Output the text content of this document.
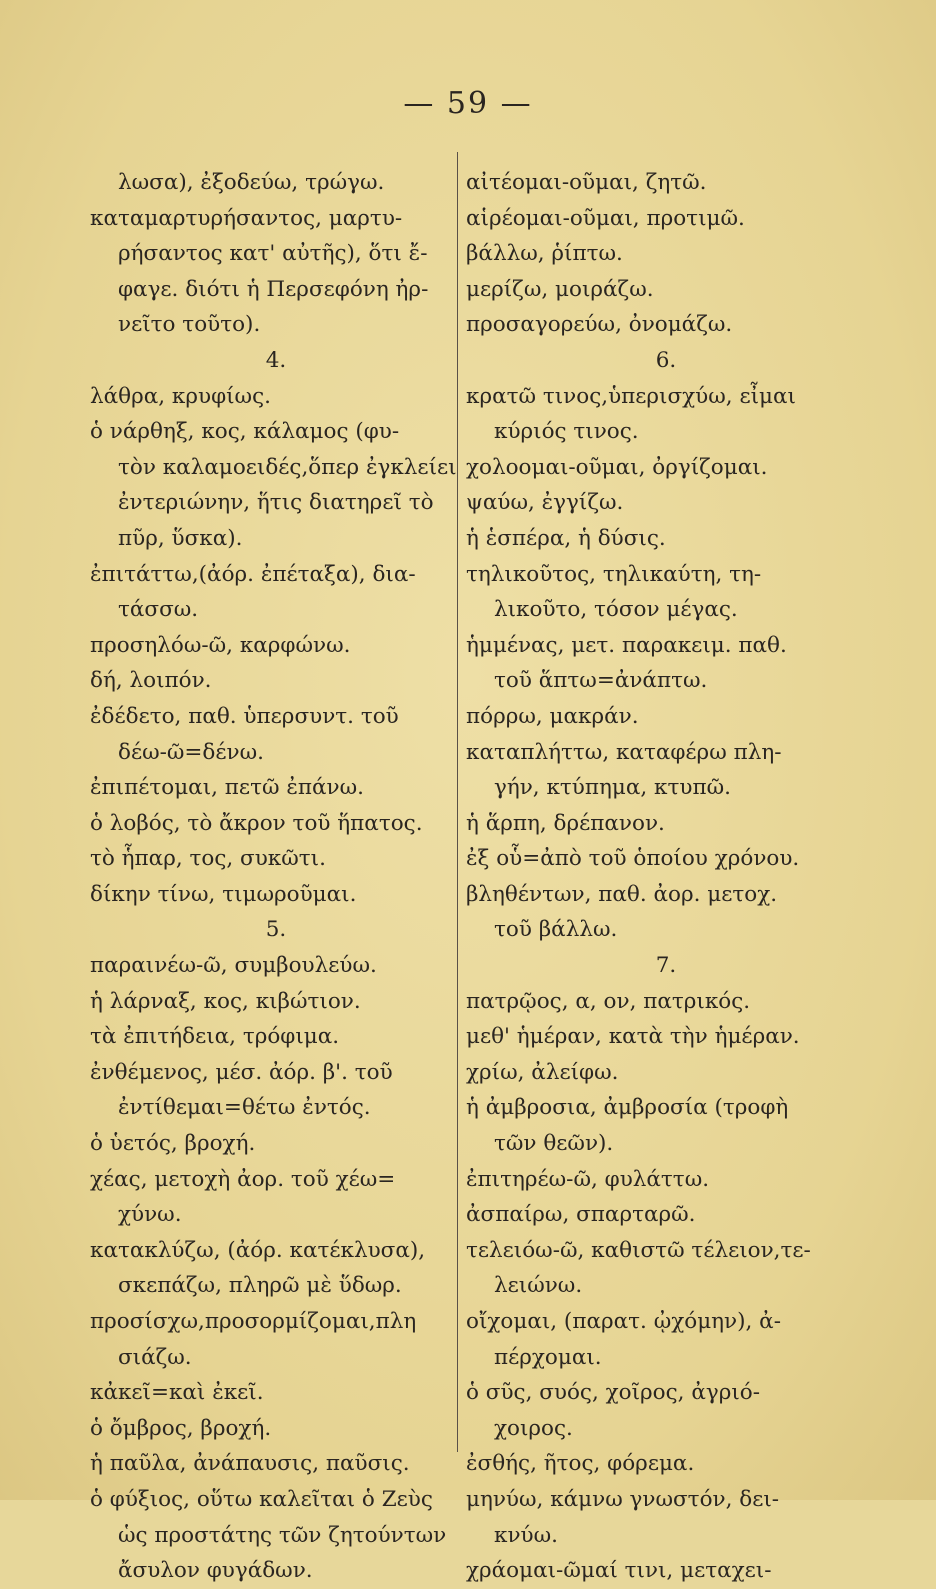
— 59 —
λωσα), ἐξοδεύω, τρώγω.
καταμαρτυρήσαντος, μαρτυ-
ρήσαντος κατ' αὐτῆς), ὅτι ἔ-
φαγε. διότι ἡ Περσεφόνη ἠρ-
νεῖτο τοῦτο).
4.
λάθρα, κρυφίως.
ὁ νάρθηξ, κος, κάλαμος (φυ-
τὸν καλαμοειδές,ὅπερ ἐγκλείει
ἐντεριώνην, ἥτις διατηρεῖ τὸ
πῦρ, ὕσκα).
ἐπιτάττω,(ἀόρ. ἐπέταξα), δια-
τάσσω.
προσηλόω-ῶ, καρφώνω.
δή, λοιπόν.
ἐδέδετο, παθ. ὑπερσυντ. τοῦ
δέω-ῶ=δένω.
ἐπιπέτομαι, πετῶ ἐπάνω.
ὁ λοβός, τὸ ἄκρον τοῦ ἥπατος.
τὸ ἧπαρ, τος, συκῶτι.
δίκην τίνω, τιμωροῦμαι.
5.
παραινέω-ῶ, συμβουλεύω.
ἡ λάρναξ, κος, κιβώτιον.
τὰ ἐπιτήδεια, τρόφιμα.
ἐνθέμενος, μέσ. ἀόρ. β'. τοῦ
ἐντίθεμαι=θέτω ἐντός.
ὁ ὑετός, βροχή.
χέας, μετοχὴ ἀορ. τοῦ χέω=
χύνω.
κατακλύζω, (ἀόρ. κατέκλυσα),
σκεπάζω, πληρῶ μὲ ὕδωρ.
προσίσχω,προσορμίζομαι,πλη
σιάζω.
κἀκεῖ=καὶ ἐκεῖ.
ὁ ὄμβρος, βροχή.
ἡ παῦλα, ἀνάπαυσις, παῦσις.
ὁ φύξιος, οὕτω καλεῖται ὁ Ζεὺς
ὡς προστάτης τῶν ζητούντων
ἄσυλον φυγάδων.
αἰτέομαι-οῦμαι, ζητῶ.
αἱρέομαι-οῦμαι, προτιμῶ.
βάλλω, ῥίπτω.
μερίζω, μοιράζω.
προσαγορεύω, ὀνομάζω.
6.
κρατῶ τινος,ὑπερισχύω, εἶμαι
κύριός τινος.
χολοομαι-οῦμαι, ὀργίζομαι.
ψαύω, ἐγγίζω.
ἡ ἑσπέρα, ἡ δύσις.
τηλικοῦτος, τηλικαύτη, τη-
λικοῦτο, τόσον μέγας.
ἡμμένας, μετ. παρακειμ. παθ.
τοῦ ἅπτω=ἀνάπτω.
πόρρω, μακράν.
καταπλήττω, καταφέρω πλη-
γήν, κτύπημα, κτυπῶ.
ἡ ἅρπη, δρέπανον.
ἐξ οὗ=ἀπὸ τοῦ ὁποίου χρόνου.
βληθέντων, παθ. ἀορ. μετοχ.
τοῦ βάλλω.
7.
πατρῷος, α, ον, πατρικός.
μεθ' ἡμέραν, κατὰ τὴν ἡμέραν.
χρίω, ἀλείφω.
ἡ ἀμβροσια, ἀμβροσία (τροφὴ
τῶν θεῶν).
ἐπιτηρέω-ῶ, φυλάττω.
ἀσπαίρω, σπαρταρῶ.
τελειόω-ῶ, καθιστῶ τέλειον,τε-
λειώνω.
οἴχομαι, (παρατ. ᾠχόμην), ἀ-
πέρχομαι.
ὁ σῦς, συός, χοῖρος, ἀγριό-
χοιρος.
ἐσθής, ῆτος, φόρεμα.
μηνύω, κάμνω γνωστόν, δει-
κνύω.
χράομαι-ῶμαί τινι, μεταχει-
